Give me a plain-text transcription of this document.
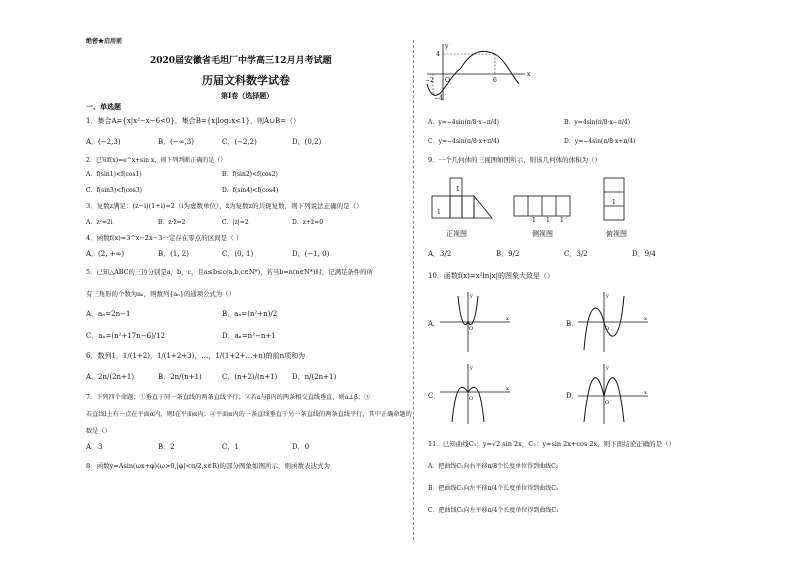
绝密★启用前
2020届安徽省毛坦厂中学高三12月月考试题
历届文科数学试卷
第I卷（选择题）
一、单选题
1．集合A={x|x²−x−6<0}，集合B={x|log₂x<1}，则A∪B=（）
A．(−2,3)	B．(−∞,3)	C．(−2,2)	D．(0,2)
2．已知f(x)=e^x+sin x，则下列判断正确的是（）
A．f(sin1)<f(cos1)	B．f(sin2)<f(cos2)
C．f(sin3)<f(cos3)	D．f(sin4)<f(cos4)
3．复数z满足：(z−i)(1+i)=2（i为虚数单位），z̄为复数z的共轭复数，则下列说法正确的是（）
A．z²=2i	B．z·z̄=2	C．|z|=2	D．z+z̄=0
4．函数f(x)=3^x−2x−3一定存在零点的区间是（ ）
A．(2, +∞)	B．(1, 2)	C．(0, 1)	D．(−1, 0)
5．已知△ABC的三边分别是a，b，c，且a≤b≤c(a,b,c∈N*)，若当b=n(n∈N*)时，记满足条件的所
有三角形的个数为aₙ，则数列{aₙ}的通项公式为（）
A．aₙ=2n−1	B．aₙ=(n²+n)/2
C．aₙ=(n²+17n−6)/12	D．aₙ=n²−n+1
6．数列1，1/(1+2)，1/(1+2+3)，…，1/(1+2+…+n)的前n项和为
A．2n/(2n+1)	B．2n/(n+1)	C．(n+2)/(n+1) D．n/(2n+1)
7．下列四个命题：①垂直于同一条直线的两条直线平行；②若a与β内的两条相交直线垂直，则a⊥β；③
若直线l上有一点在平面α内，则l在平面α内；④平面α内的一条直线垂直于另一条直线的两条直线平行，其中正确命题的
数是（）
A．3	B．2	C．1	D．0
8．函数y=Asin(ωx+φ)(ω>0,|φ|<π/2,x∈R)的部分图象如图所示，则函数表达式为
−2 O	6
4
−4
x
y
A．y=−4sin(π/8·x−π/4)	B．y=4sin(π/8·x−π/4)
C．y=−4sin(π/8·x+π/4)	D．y=−4sin(π/8·x+π/4)
9．一个几何体的三视图如图所示，则该几何体的体积为（）
1
1
1 1 1
1
正视图	侧视图	俯视图
A．3/2	B．9/2	C．3/2	D．9/4
10．函数f(x)=x²ln|x|的图象大致是（）
A．
O
x
y
B．
O
x
y
C．	O
x
y
D．
O
x
y
11．已知曲线C₁：y=√2 sin 2x，C₂：y=sin 2x+cos 2x，则下面结论正确的是（）
A．把曲线C₁向右平移π/8个长度单位得到曲线C₂
B．把曲线C₁向左平移π/4个长度单位得到曲线C₂
C．把曲线C₂向左平移π/4个长度单位得到曲线C₁
